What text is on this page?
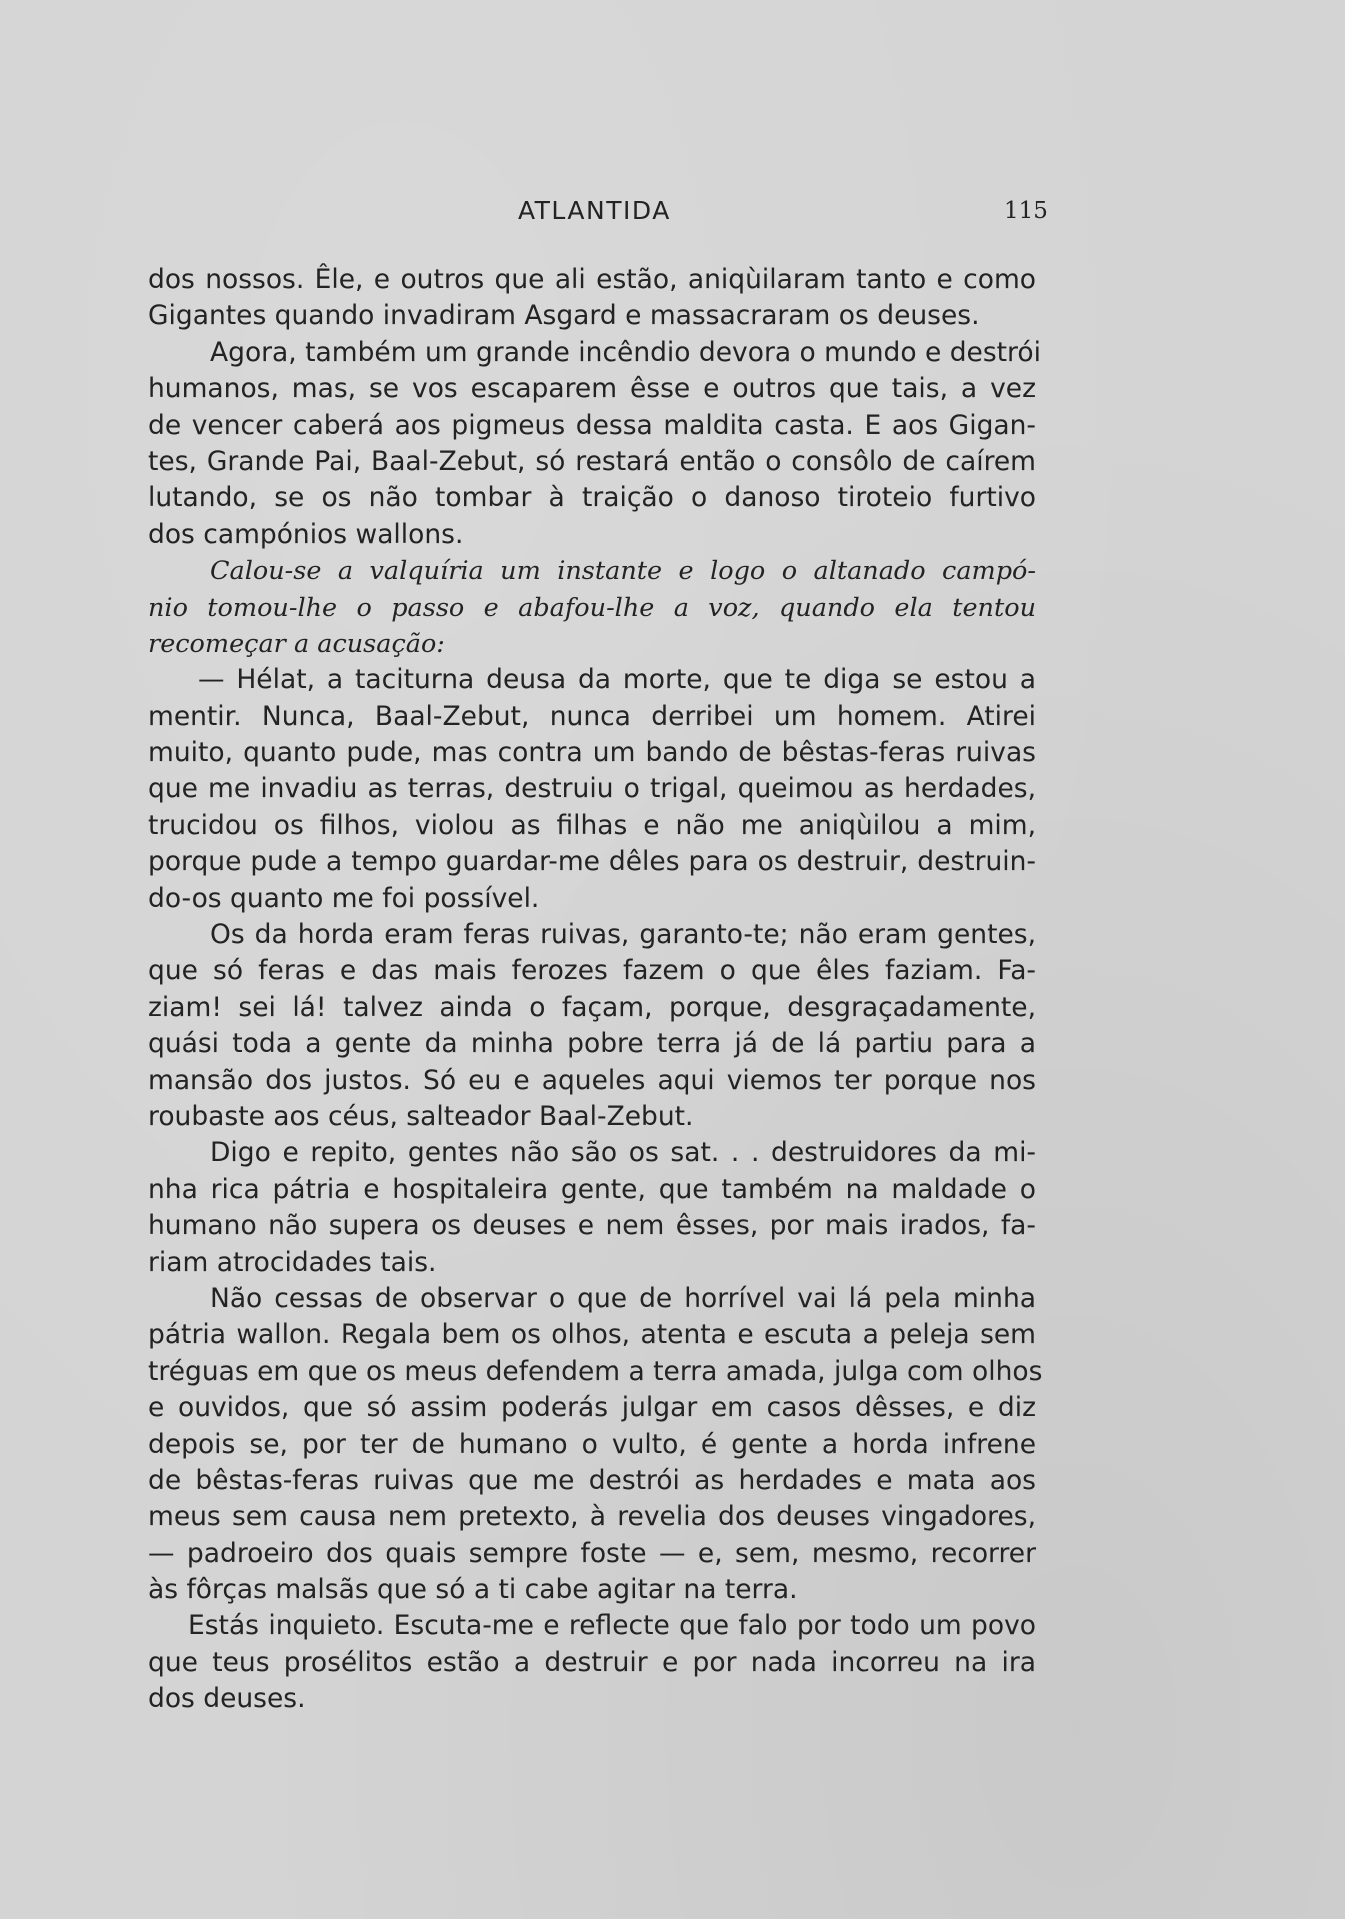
ATLANTIDA	115
dos nossos. Êle, e outros que ali estão, aniqùilaram tanto e como
Gigantes quando invadiram Asgard e massacraram os deuses.
Agora, também um grande incêndio devora o mundo e destrói
humanos, mas, se vos escaparem êsse e outros que tais, a vez
de vencer caberá aos pigmeus dessa maldita casta. E aos Gigan-
tes, Grande Pai, Baal-Zebut, só restará então o consôlo de caírem
lutando, se os não tombar à traição o danoso tiroteio furtivo
dos campónios wallons.
Calou-se a valquíria um instante e logo o altanado campó-
nio tomou-lhe o passo e abafou-lhe a voz, quando ela tentou
recomeçar a acusação:
— Hélat, a taciturna deusa da morte, que te diga se estou a
mentir. Nunca, Baal-Zebut, nunca derribei um homem. Atirei
muito, quanto pude, mas contra um bando de bêstas-feras ruivas
que me invadiu as terras, destruiu o trigal, queimou as herdades,
trucidou os filhos, violou as filhas e não me aniqùilou a mim,
porque pude a tempo guardar-me dêles para os destruir, destruin-
do-os quanto me foi possível.
Os da horda eram feras ruivas, garanto-te; não eram gentes,
que só feras e das mais ferozes fazem o que êles faziam. Fa-
ziam! sei lá! talvez ainda o façam, porque, desgraçadamente,
quási toda a gente da minha pobre terra já de lá partiu para a
mansão dos justos. Só eu e aqueles aqui viemos ter porque nos
roubaste aos céus, salteador Baal-Zebut.
Digo e repito, gentes não são os sat. . . destruidores da mi-
nha rica pátria e hospitaleira gente, que também na maldade o
humano não supera os deuses e nem êsses, por mais irados, fa-
riam atrocidades tais.
Não cessas de observar o que de horrível vai lá pela minha
pátria wallon. Regala bem os olhos, atenta e escuta a peleja sem
tréguas em que os meus defendem a terra amada, julga com olhos
e ouvidos, que só assim poderás julgar em casos dêsses, e diz
depois se, por ter de humano o vulto, é gente a horda infrene
de bêstas-feras ruivas que me destrói as herdades e mata aos
meus sem causa nem pretexto, à revelia dos deuses vingadores,
— padroeiro dos quais sempre foste — e, sem, mesmo, recorrer
às fôrças malsãs que só a ti cabe agitar na terra.
Estás inquieto. Escuta-me e reflecte que falo por todo um povo
que teus prosélitos estão a destruir e por nada incorreu na ira
dos deuses.
